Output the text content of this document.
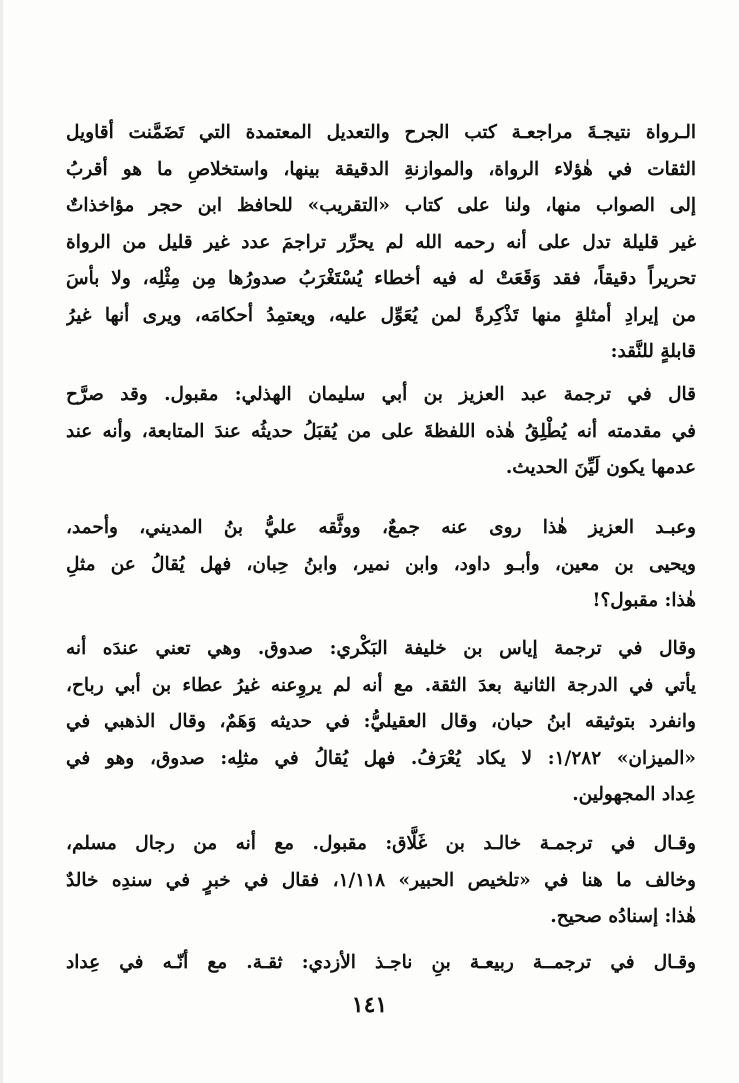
الـرواة نتيجـةَ مراجعـة كتب الجرح والتعديل المعتمدة التي تَضَمَّنت أقاويل
الثقات في هٰؤلاء الرواة، والموازنةِ الدقيقة بينها، واستخلاصِ ما هو أقربُ
إلى الصواب منها، ولنا على كتاب «التقريب» للحافظ ابن حجر مؤاخذاتٌ
غير قليلة تدل على أنه رحمه الله لم يحرِّر تراجمَ عدد غير قليل من الرواة
تحريراً دقيقاً، فقد وَقَعَتْ له فيه أخطاء يُسْتَغْرَبُ صدورُها مِن مِثْلِه، ولا بأسَ
من إيرادِ أمثلةٍ منها تَذْكِرةً لمن يُعَوِّل عليه، ويعتمِدُ أحكامَه، ويرى أنها غيرُ
قابلةٍ للنَّقد:
قال في ترجمة عبد العزيز بن أبي سليمان الهذلي: مقبول. وقد صرَّح
في مقدمته أنه يُطْلِقُ هٰذه اللفظةَ على من يُقبَلُ حديثُه عندَ المتابعة، وأنه عند
عدمها يكون لَيِّنَ الحديث.
وعبـد العزيز هٰذا روى عنه جمعٌ، ووثَّقه عليُّ بنُ المديني، وأحمد،
ويحيى بن معين، وأبـو داود، وابن نمير، وابنُ حِبان، فهل يُقالُ عن مثلِ
هٰذا: مقبول؟!
وقال في ترجمة إياس بن خليفة البَكْري: صدوق. وهي تعني عندَه أنه
يأتي في الدرجة الثانية بعدَ الثقة. مع أنه لم يروِعنه غيرُ عطاء بن أبي رباح،
وانفرد بتوثيقه ابنُ حبان، وقال العقيليُّ: في حديثه وَهَمٌ، وقال الذهبي في
«الميزان» ١/٢٨٢: لا يكاد يُعْرَفُ. فهل يُقالُ في مثلِه: صدوق، وهو في
عِداد المجهولين.
وقـال في ترجمـة خالـد بن غَلَّاق: مقبول. مع أنه من رجال مسلم،
وخالف ما هنا في «تلخيص الحبير» ١/١١٨، فقال في خبرٍ في سندِه خالدٌ
هٰذا: إسنادُه صحيح.
وقـال في ترجمــة ربيعـة بنِ ناجـذ الأزدي: ثقـة. مع أنّـه في عِداد
١٤١
